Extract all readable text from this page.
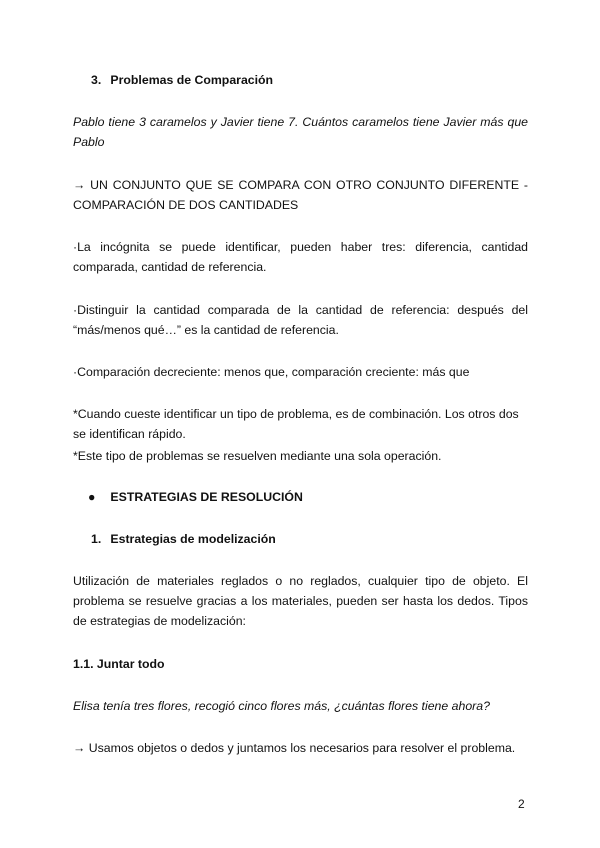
3. Problemas de Comparación

Pablo tiene 3 caramelos y Javier tiene 7. Cuántos caramelos tiene Javier más que Pablo

→ UN CONJUNTO QUE SE COMPARA CON OTRO CONJUNTO DIFERENTE - COMPARACIÓN DE DOS CANTIDADES

·La incógnita se puede identificar, pueden haber tres: diferencia, cantidad comparada, cantidad de referencia.

·Distinguir la cantidad comparada de la cantidad de referencia: después del “más/menos qué…” es la cantidad de referencia.

·Comparación decreciente: menos que, comparación creciente: más que

*Cuando cueste identificar un tipo de problema, es de combinación. Los otros dos se identifican rápido.

*Este tipo de problemas se resuelven mediante una sola operación.

● ESTRATEGIAS DE RESOLUCIÓN

1. Estrategias de modelización

Utilización de materiales reglados o no reglados, cualquier tipo de objeto. El problema se resuelve gracias a los materiales, pueden ser hasta los dedos. Tipos de estrategias de modelización:

1.1. Juntar todo

Elisa tenía tres flores, recogió cinco flores más, ¿cuántas flores tiene ahora?

→ Usamos objetos o dedos y juntamos los necesarios para resolver el problema.

2
